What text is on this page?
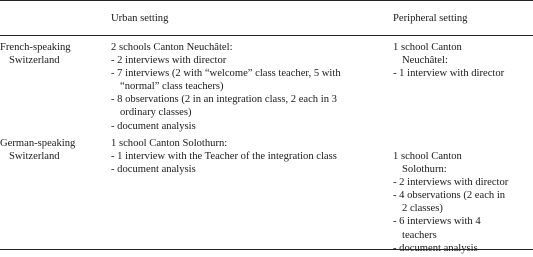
Urban setting	Peripheral setting
French-speaking
Switzerland
2 schools Canton Neuchâtel:
- 2 interviews with director
- 7 interviews (2 with “welcome” class teacher, 5 with
“normal” class teachers)
- 8 observations (2 in an integration class, 2 each in 3
ordinary classes)
- document analysis
1 school Canton
Neuchâtel:
- 1 interview with director
German-speaking
Switzerland
1 school Canton Solothurn:
- 1 interview with the Teacher of the integration class
- document analysis
1 school Canton
Solothurn:
- 2 interviews with director
- 4 observations (2 each in
2 classes)
- 6 interviews with 4
teachers
